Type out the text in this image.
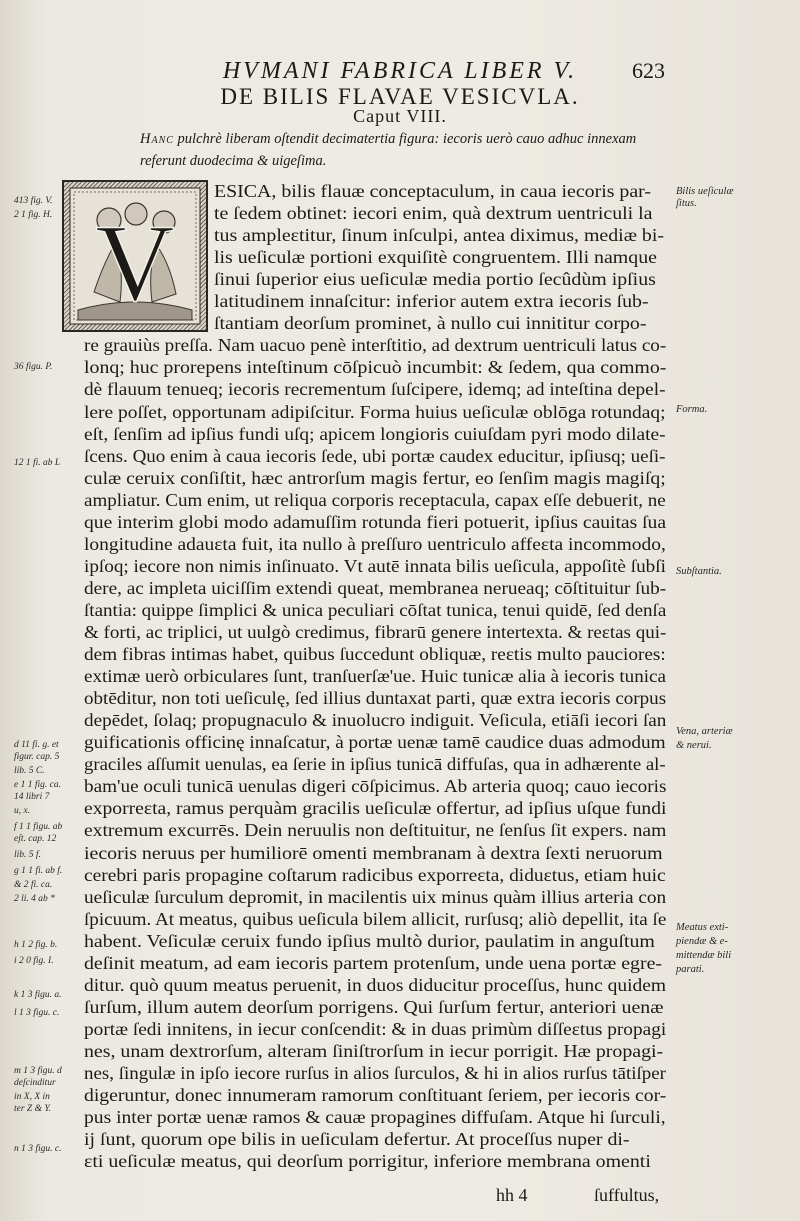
HVMANI FABRICA LIBER V.	623
DE BILIS FLAVAE VESICVLA.
Caput VIII.
Hanc pulchrè liberam oſtendit decimatertia figura: iecoris uerò cauo adhuc innexam referunt duodecima & uigeſima.
V
ESICA, bilis flauæ conceptaculum, in caua iecoris par-
te ſedem obtinet: iecori enim, quà dextrum uentriculi la
tus ampleɛtitur, ſinum inſculpi, antea diximus, mediæ bi-
lis ueſiculæ portioni exquiſitè congruentem. Illi namque
ſinui ſuperior eius ueſiculæ media portio ſecûdùm ipſius
latitudinem innaſcitur: inferior autem extra iecoris ſub-
ſtantiam deorſum prominet, à nullo cui innititur corpo-
re grauiùs preſſa. Nam uacuo penè interſtitio, ad dextrum uentriculi latus co-
lonq; huc prorepens inteſtinum cōſpicuò incumbit: & ſedem, qua commo-
dè flauum tenueq; iecoris recrementum ſuſcipere, idemq; ad inteſtina depel-
lere poſſet, opportunam adipiſcitur. Forma huius ueſiculæ oblōga rotundaq;
eſt, ſenſim ad ipſius fundi uſq; apicem longioris cuiuſdam pyri modo dilate-
ſcens. Quo enim à caua iecoris ſede, ubi portæ caudex educitur, ipſiusq; ueſi-
culæ ceruix conſiſtit, hæc antrorſum magis fertur, eo ſenſim magis magiſq;
ampliatur. Cum enim, ut reliqua corporis receptacula, capax eſſe debuerit, ne
que interim globi modo adamuſſim rotunda fieri potuerit, ipſius cauitas ſua
longitudine adauɛta fuit, ita nullo à preſſuro uentriculo affeɛta incommodo,
ipſoq; iecore non nimis inſinuato. Vt autē innata bilis ueſicula, appoſitè ſubſi
dere, ac impleta uiciſſim extendi queat, membranea nerueaq; cōſtituitur ſub-
ſtantia: quippe ſimplici & unica peculiari cōſtat tunica, tenui quidē, ſed denſa
& forti, ac triplici, ut uulgò credimus, fibrarū genere intertexta. & reɛtas qui-
dem fibras intimas habet, quibus ſuccedunt obliquæ, reɛtis multo pauciores:
extimæ uerò orbiculares ſunt, tranſuerſæ'ue. Huic tunicæ alia à iecoris tunica
obtēditur, non toti ueſiculę, ſed illius duntaxat parti, quæ extra iecoris corpus
depēdet, ſolaq; propugnaculo & inuolucro indiguit. Veſicula, etiāſi iecori ſan
guificationis officinę innaſcatur, à portæ uenæ tamē caudice duas admodum
graciles aſſumit uenulas, ea ſerie in ipſius tunicā diffuſas, qua in adhærente al-
bam'ue oculi tunicā uenulas digeri cōſpicimus. Ab arteria quoq; cauo iecoris
exporreɛta, ramus perquàm gracilis ueſiculæ offertur, ad ipſius uſque fundi
extremum excurrēs. Dein neruulis non deſtituitur, ne ſenſus ſit expers. nam
iecoris neruus per humiliorē omenti membranam à dextra ſexti neruorum
cerebri paris propagine coſtarum radicibus exporreɛta, diduɛtus, etiam huic
ueſiculæ ſurculum depromit, in macilentis uix minus quàm illius arteria con
ſpicuum. At meatus, quibus ueſicula bilem allicit, rurſusq; aliò depellit, ita ſe
habent. Veſiculæ ceruix fundo ipſius multò durior, paulatim in anguſtum
deſinit meatum, ad eam iecoris partem protenſum, unde uena portæ egre-
ditur. quò quum meatus peruenit, in duos diducitur proceſſus, hunc quidem
ſurſum, illum autem deorſum porrigens. Qui ſurſum fertur, anteriori uenæ
portæ ſedi innitens, in iecur conſcendit: & in duas primùm diſſeɛtus propagi
nes, unam dextrorſum, alteram ſiniſtrorſum in iecur porrigit. Hæ propagi-
nes, ſingulæ in ipſo iecore rurſus in alios ſurculos, & hi in alios rurſus tātiſper
digeruntur, donec innumeram ramorum conſtituant ſeriem, per iecoris cor-
pus inter portæ uenæ ramos & cauæ propagines diffuſam. Atque hi ſurculi,
ij ſunt, quorum ope bilis in ueſiculam defertur. At proceſſus nuper di-
ɛti ueſiculæ meatus, qui deorſum porrigitur, inferiore membrana omenti
413 fig. V.
2 1 fig. H.
36 figu. P.
12 1 fi. ab L
d 11 fi. g. et
figur. cap. 5
lib. 5 C.
e 1 1 fig. ca.
14 libri 7
u, x.
f 1 1 figu. ab
eſt. cap. 12
lib. 5 f.
g 1 1 fi. ab f.
& 2 fi. ca.
2 li. 4 ab *
h 1 2 fig. b.
i 2 0 fig. I.
k 1 3 figu. a.
l 1 3 figu. c.
m 1 3 figu. d
deſcinditur
in X, X in
ter Z & Y.
n 1 3 figu. c.
Bilis ueſiculæ
ſitus.
Forma.
Subſtantia.
Vena, arteriæ
& nerui.
Meatus exti-
piendæ & e-
mittendæ bili
parati.
hh 4	ſuffultus,
